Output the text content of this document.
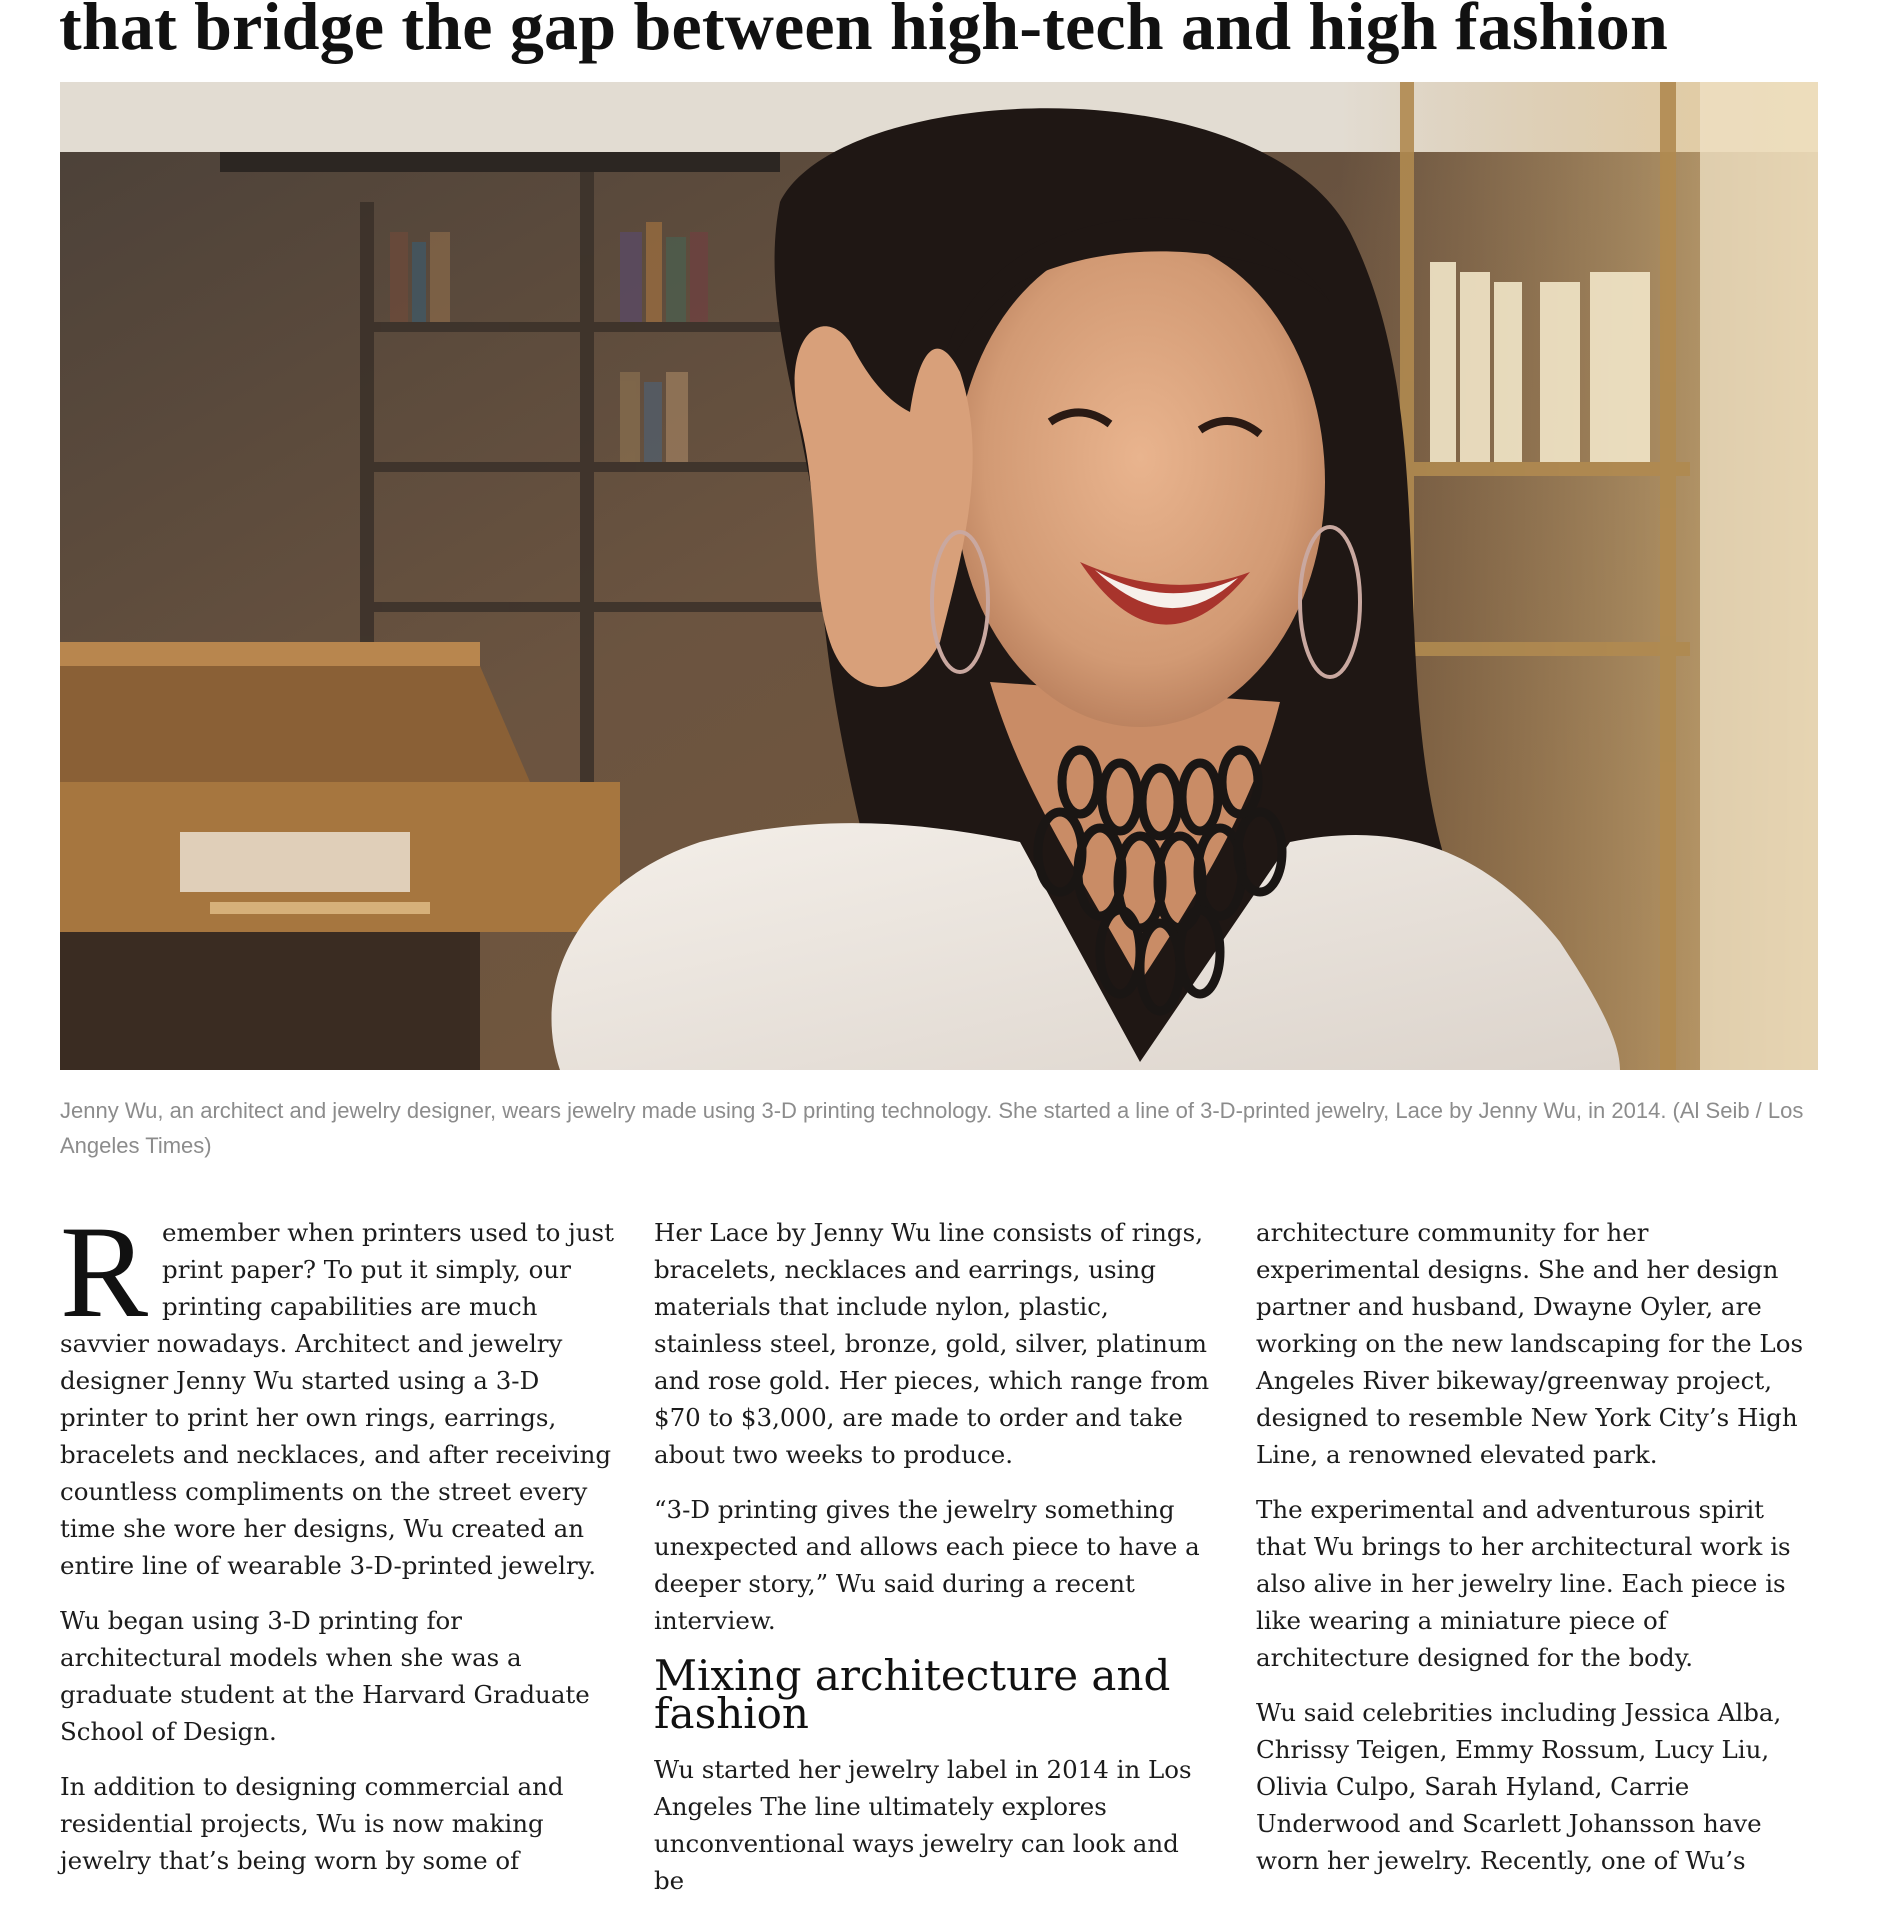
that bridge the gap between high-tech and high fashion

Jenny Wu, an architect and jewelry designer, wears jewelry made using 3-D printing technology. She started a line of 3-D-printed jewelry, Lace by Jenny Wu, in 2014. (Al Seib / Los Angeles Times)

Remember when printers used to just print paper? To put it simply, our printing capabilities are much savvier nowadays. Architect and jewelry designer Jenny Wu started using a 3-D printer to print her own rings, earrings, bracelets and necklaces, and after receiving countless compliments on the street every time she wore her designs, Wu created an entire line of wearable 3-D-printed jewelry.

Wu began using 3-D printing for architectural models when she was a graduate student at the Harvard Graduate School of Design.

In addition to designing commercial and residential projects, Wu is now making jewelry that’s being worn by some of

Her Lace by Jenny Wu line consists of rings, bracelets, necklaces and earrings, using materials that include nylon, plastic, stainless steel, bronze, gold, silver, platinum and rose gold. Her pieces, which range from $70 to $3,000, are made to order and take about two weeks to produce.

“3-D printing gives the jewelry something unexpected and allows each piece to have a deeper story,” Wu said during a recent interview.

Mixing architecture and fashion

Wu started her jewelry label in 2014 in Los Angeles The line ultimately explores unconventional ways jewelry can look and be

architecture community for her experimental designs. She and her design partner and husband, Dwayne Oyler, are working on the new landscaping for the Los Angeles River bikeway/greenway project, designed to resemble New York City’s High Line, a renowned elevated park.

The experimental and adventurous spirit that Wu brings to her architectural work is also alive in her jewelry line. Each piece is like wearing a miniature piece of architecture designed for the body.

Wu said celebrities including Jessica Alba, Chrissy Teigen, Emmy Rossum, Lucy Liu, Olivia Culpo, Sarah Hyland, Carrie Underwood and Scarlett Johansson have worn her jewelry. Recently, one of Wu’s
